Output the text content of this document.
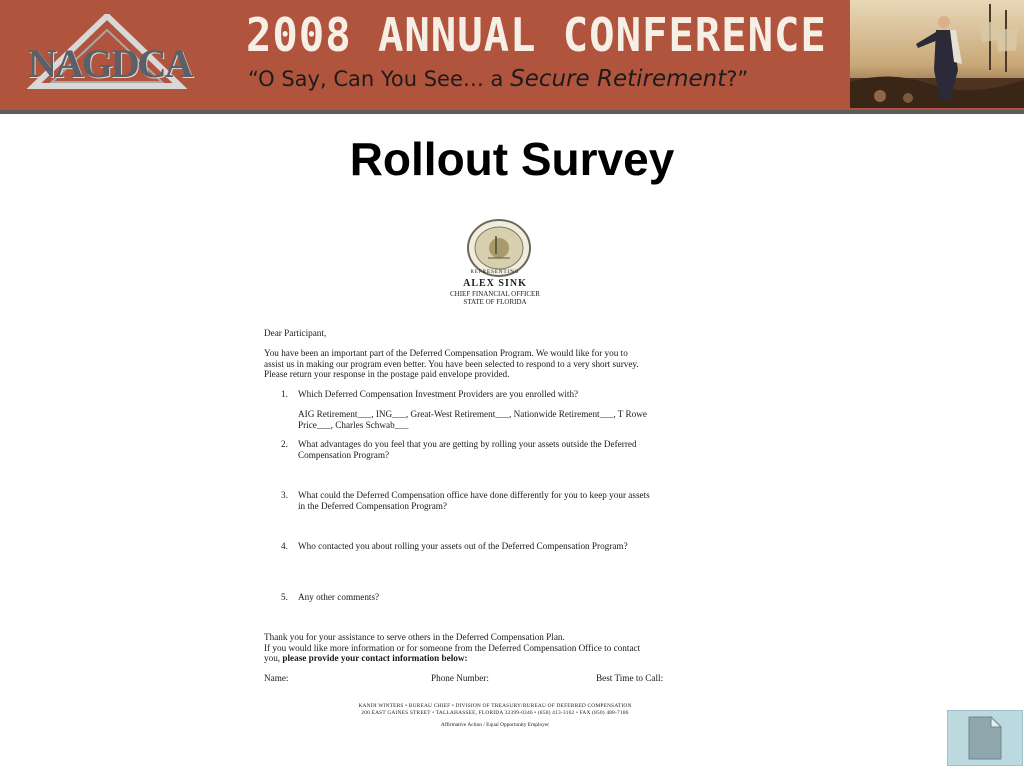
NAGDCA
2008 ANNUAL CONFERENCE
“O Say, Can You See… a Secure Retirement?”
Rollout Survey
REPRESENTING
ALEX SINK
CHIEF FINANCIAL OFFICER
STATE OF FLORIDA
Dear Participant,
You have been an important part of the Deferred Compensation Program. We would like for you to
assist us in making our program even better. You have been selected to respond to a very short survey.
Please return your response in the postage paid envelope provided.
1. Which Deferred Compensation Investment Providers are you enrolled with?
AIG Retirement___, ING___, Great-West Retirement___, Nationwide Retirement___, T Rowe
Price___, Charles Schwab___
2. What advantages do you feel that you are getting by rolling your assets outside the Deferred
Compensation Program?
3. What could the Deferred Compensation office have done differently for you to keep your assets
in the Deferred Compensation Program?
4. Who contacted you about rolling your assets out of the Deferred Compensation Program?
5. Any other comments?
Thank you for your assistance to serve others in the Deferred Compensation Plan.
If you would like more information or for someone from the Deferred Compensation Office to contact
you, please provide your contact information below:
Name:	Phone Number:	Best Time to Call:
KANDI WINTERS • BUREAU CHIEF • DIVISION OF TREASURY/BUREAU OF DEFERRED COMPENSATION
200 EAST GAINES STREET • TALLAHASSEE, FLORIDA 32399-0346 • (850) 413-3162 • FAX (850) 488-7186
Affirmative Action / Equal Opportunity Employer
